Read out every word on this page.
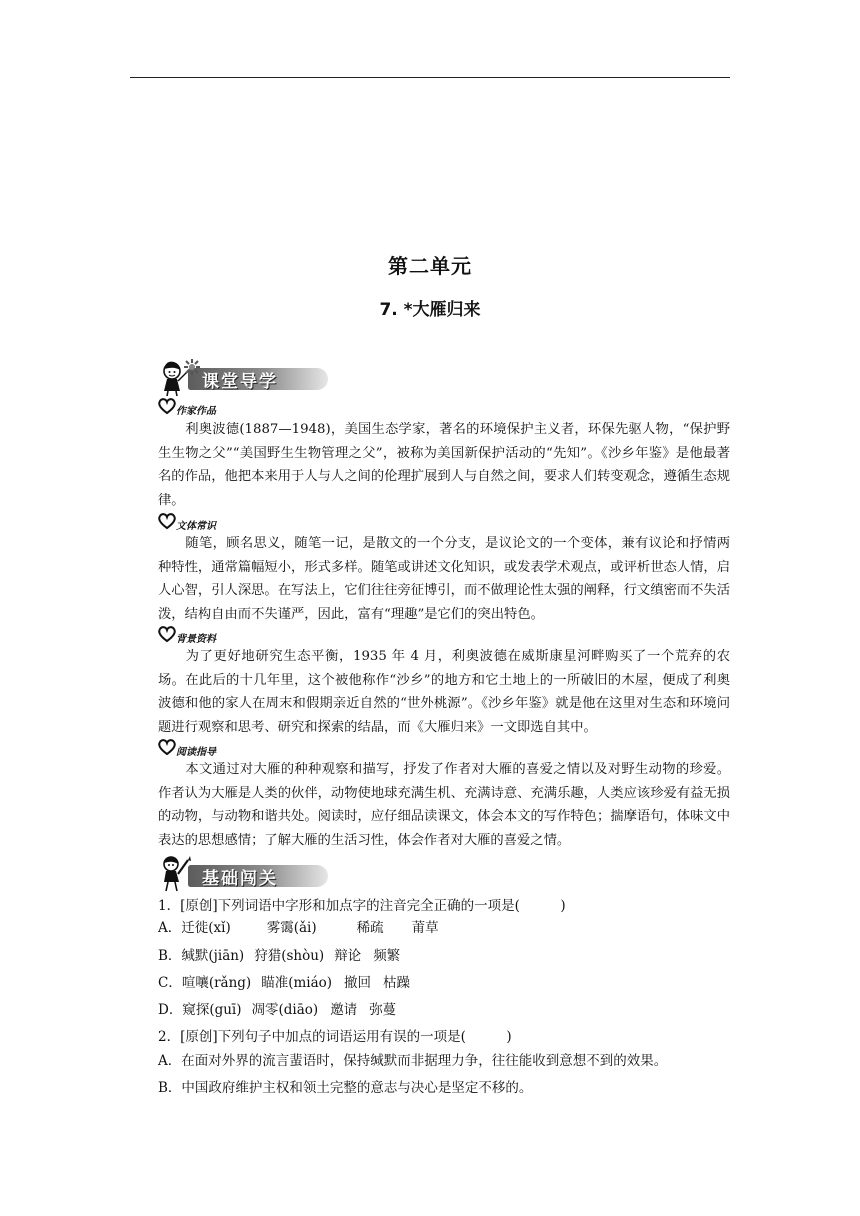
第二单元
7. *大雁归来
课堂导学
作家作品
利奥波德(1887—1948)，美国生态学家，著名的环境保护主义者，环保先驱人物，“保护野生生物之父”“美国野生生物管理之父”，被称为美国新保护活动的“先知”。《沙乡年鉴》是他最著名的作品，他把本来用于人与人之间的伦理扩展到人与自然之间，要求人们转变观念，遵循生态规律。
文体常识
随笔，顾名思义，随笔一记，是散文的一个分支，是议论文的一个变体，兼有议论和抒情两种特性，通常篇幅短小，形式多样。随笔或讲述文化知识，或发表学术观点，或评析世态人情，启人心智，引人深思。在写法上，它们往往旁征博引，而不做理论性太强的阐释，行文缜密而不失活泼，结构自由而不失谨严，因此，富有“理趣”是它们的突出特色。
背景资料
为了更好地研究生态平衡，1935 年 4 月，利奥波德在威斯康星河畔购买了一个荒弃的农场。在此后的十几年里，这个被他称作“沙乡”的地方和它土地上的一所破旧的木屋，便成了利奥波德和他的家人在周末和假期亲近自然的“世外桃源”。《沙乡年鉴》就是他在这里对生态和环境问题进行观察和思考、研究和探索的结晶，而《大雁归来》一文即选自其中。
阅读指导
本文通过对大雁的种种观察和描写，抒发了作者对大雁的喜爱之情以及对野生动物的珍爱。作者认为大雁是人类的伙伴，动物使地球充满生机、充满诗意、充满乐趣，人类应该珍爱有益无损的动物，与动物和谐共处。阅读时，应仔细品读课文，体会本文的写作特色；揣摩语句，体味文中表达的思想感情；了解大雁的生活习性，体会作者对大雁的喜爱之情。
基础闯关
1．[原创]下列词语中字形和加点字的注音完全正确的一项是(　　　)
A．迁徙(xǐ)	雾霭(ǎi)	稀疏 莆草
B．缄默(jiān) 狩猎(shòu) 辩论 频繁
C．喧嚷(rǎng) 瞄准(miáo) 撤回 枯躁
D．窥探(guī) 凋零(diāo) 邀请 弥蔓
2．[原创]下列句子中加点的词语运用有误的一项是(　　　)
A．在面对外界的流言蜚语时，保持缄默而非据理力争，往往能收到意想不到的效果。
B．中国政府维护主权和领土完整的意志与决心是坚定不移的。
